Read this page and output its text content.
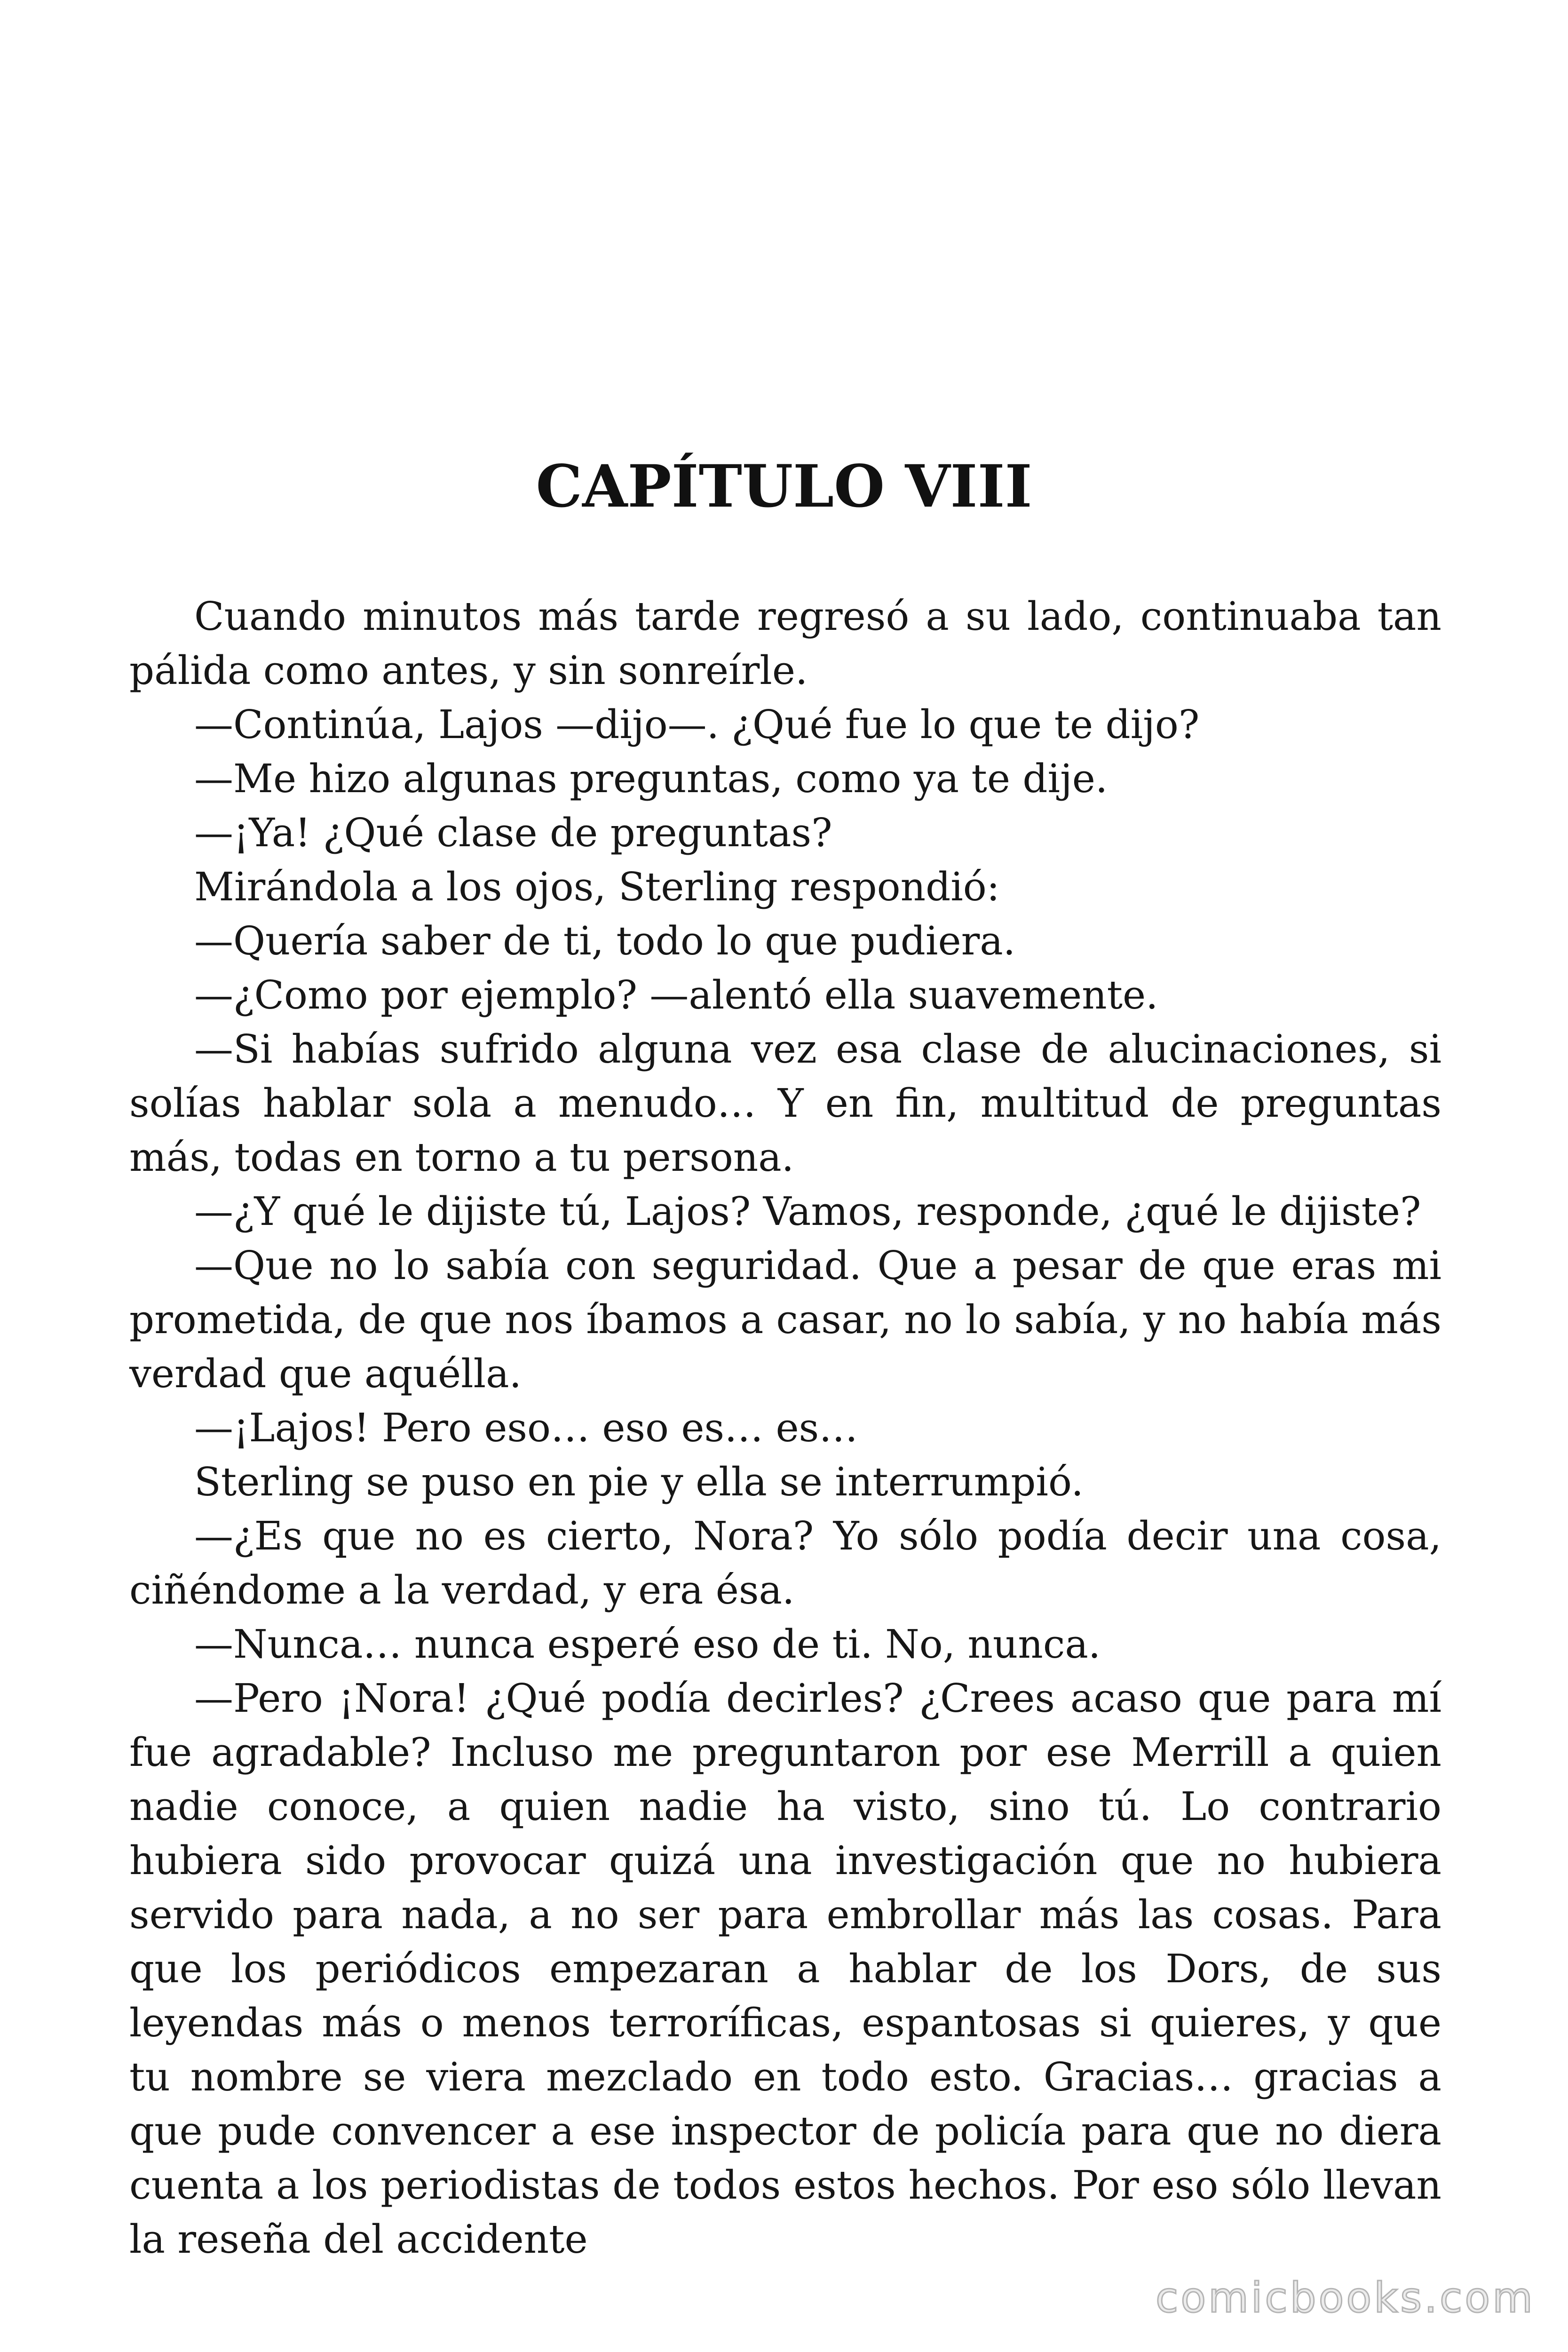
CAPÍTULO VIII

Cuando minutos más tarde regresó a su lado, continuaba tan pálida como antes, y sin sonreírle.

—Continúa, Lajos —dijo—. ¿Qué fue lo que te dijo?

—Me hizo algunas preguntas, como ya te dije.

—¡Ya! ¿Qué clase de preguntas?

Mirándola a los ojos, Sterling respondió:

—Quería saber de ti, todo lo que pudiera.

—¿Como por ejemplo? —alentó ella suavemente.

—Si habías sufrido alguna vez esa clase de alucinaciones, si solías hablar sola a menudo… Y en fin, multitud de preguntas más, todas en torno a tu persona.

—¿Y qué le dijiste tú, Lajos? Vamos, responde, ¿qué le dijiste?

—Que no lo sabía con seguridad. Que a pesar de que eras mi prometida, de que nos íbamos a casar, no lo sabía, y no había más verdad que aquélla.

—¡Lajos! Pero eso… eso es… es…

Sterling se puso en pie y ella se interrumpió.

—¿Es que no es cierto, Nora? Yo sólo podía decir una cosa, ciñéndome a la verdad, y era ésa.

—Nunca… nunca esperé eso de ti. No, nunca.

—Pero ¡Nora! ¿Qué podía decirles? ¿Crees acaso que para mí fue agradable? Incluso me preguntaron por ese Merrill a quien nadie conoce, a quien nadie ha visto, sino tú. Lo contrario hubiera sido provocar quizá una investigación que no hubiera servido para nada, a no ser para embrollar más las cosas. Para que los periódicos empezaran a hablar de los Dors, de sus leyendas más o menos terroríficas, espantosas si quieres, y que tu nombre se viera mezclado en todo esto. Gracias… gracias a que pude convencer a ese inspector de policía para que no diera cuenta a los periodistas de todos estos hechos. Por eso sólo llevan la reseña del accidente

comicbooks.com
